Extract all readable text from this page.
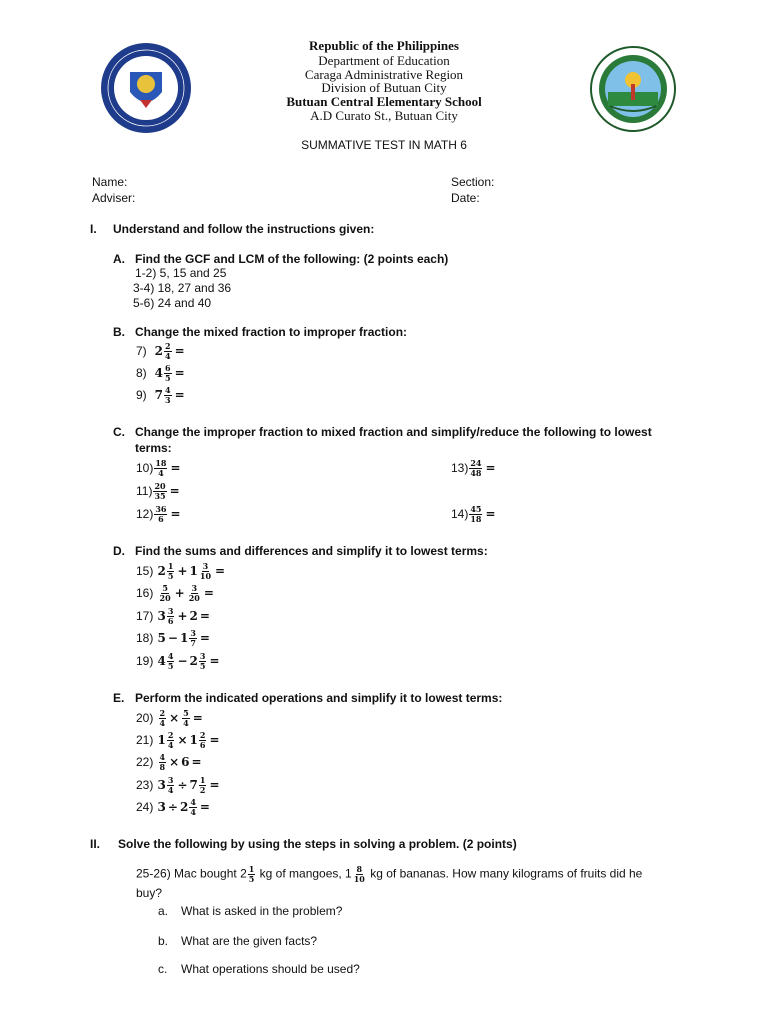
Republic of the Philippines
Department of Education
Caraga Administrative Region
Division of Butuan City
Butuan Central Elementary School
A.D Curato St., Butuan City
SUMMATIVE TEST IN MATH 6
Name:	Section:
Adviser:	Date:
I. Understand and follow the instructions given:
A. Find the GCF and LCM of the following: (2 points each)
1-2) 5, 15 and 25
3-4) 18, 27 and 36
5-6) 24 and 40
B. Change the mixed fraction to improper fraction:
7) $2 \frac{2}{4}$ =
8) $4 \frac{6}{5}$ =
9) $7 \frac{4}{3}$ =
C. Change the improper fraction to mixed fraction and simplify/reduce the following to lowest
terms:
$10) \frac{18}{4}$ =	$13) \frac{24}{48}$ =
$11) \frac{20}{35}$ =
$12) \frac{36}{6}$ =	$14) \frac{45}{18}$ =
D. Find the sums and differences and simplify it to lowest terms:
15) $2 \frac{1}{5} + 1 \frac{3}{10}$ =
$16) \frac{5}{20} + \frac{3}{20}$ =
17) $3 \frac{3}{6} + 2$ =
18) $5 - 1 \frac{3}{7}$ =
19) $4 \frac{4}{5} - 2 \frac{3}{5}$ =
E. Perform the indicated operations and simplify it to lowest terms:
$20) \frac{2}{4} \times \frac{5}{4}$ =
21) $1 \frac{2}{4} \times 1 \frac{2}{6}$ =
$22) \frac{4}{8} \times 6$ =
23) $3 \frac{3}{4} \div 7 \frac{1}{2}$ =
24) $3 \div 2 \frac{4}{4}$ =
II. Solve the following by using the steps in solving a problem. (2 points)
25-26) Mac bought $2 \frac{1}{5}$ kg of mangoes, $1 \frac{8}{10}$ kg of bananas. How many kilograms of fruits did he
buy?
a. What is asked in the problem?
b. What are the given facts?
c. What operations should be used?
